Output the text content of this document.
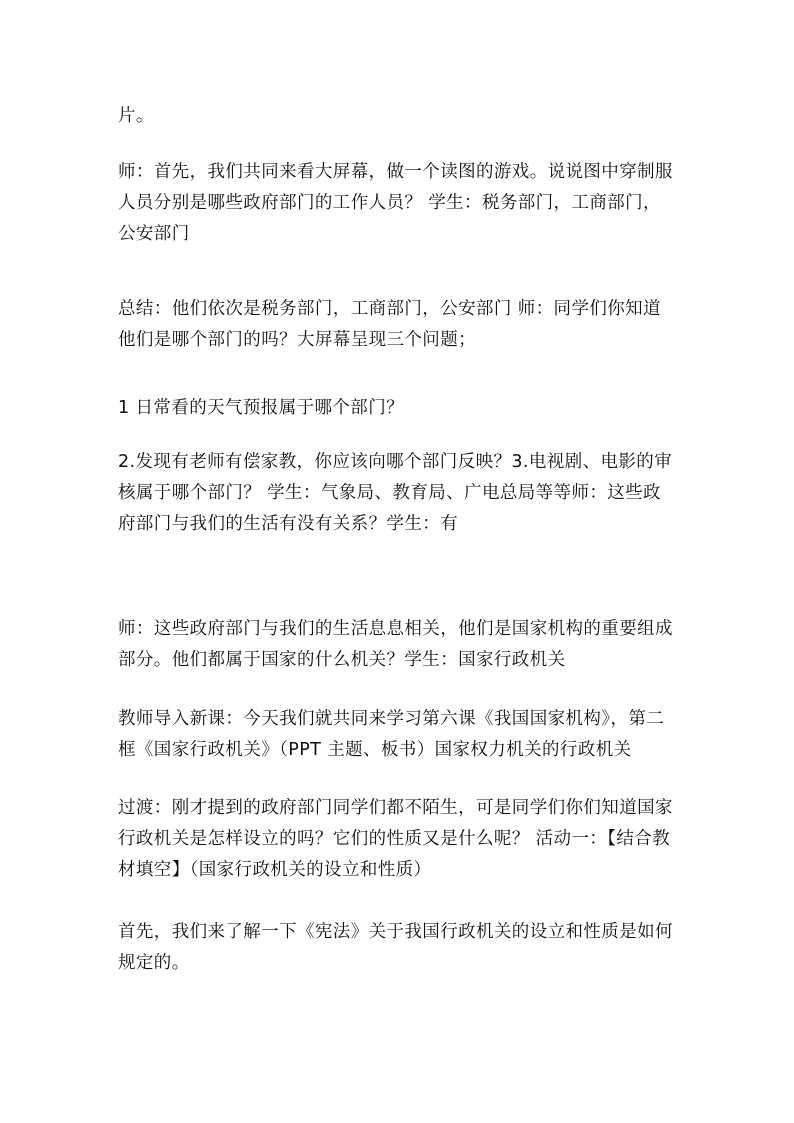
片。

师：首先，我们共同来看大屏幕，做一个读图的游戏。说说图中穿制服人员分别是哪些政府部门的工作人员？ 学生：税务部门，工商部门，公安部门

总结：他们依次是税务部门，工商部门，公安部门 师：同学们你知道他们是哪个部门的吗？大屏幕呈现三个问题；

1 日常看的天气预报属于哪个部门？

2.发现有老师有偿家教，你应该向哪个部门反映？3.电视剧、电影的审核属于哪个部门？ 学生：气象局、教育局、广电总局等等师：这些政府部门与我们的生活有没有关系？学生：有

师：这些政府部门与我们的生活息息相关，他们是国家机构的重要组成部分。他们都属于国家的什么机关？学生：国家行政机关

教师导入新课：今天我们就共同来学习第六课《我国国家机构》，第二框《国家行政机关》（PPT 主题、板书）国家权力机关的行政机关

过渡：刚才提到的政府部门同学们都不陌生，可是同学们你们知道国家行政机关是怎样设立的吗？它们的性质又是什么呢？ 活动一：【结合教材填空】（国家行政机关的设立和性质）

首先，我们来了解一下《宪法》关于我国行政机关的设立和性质是如何规定的。
